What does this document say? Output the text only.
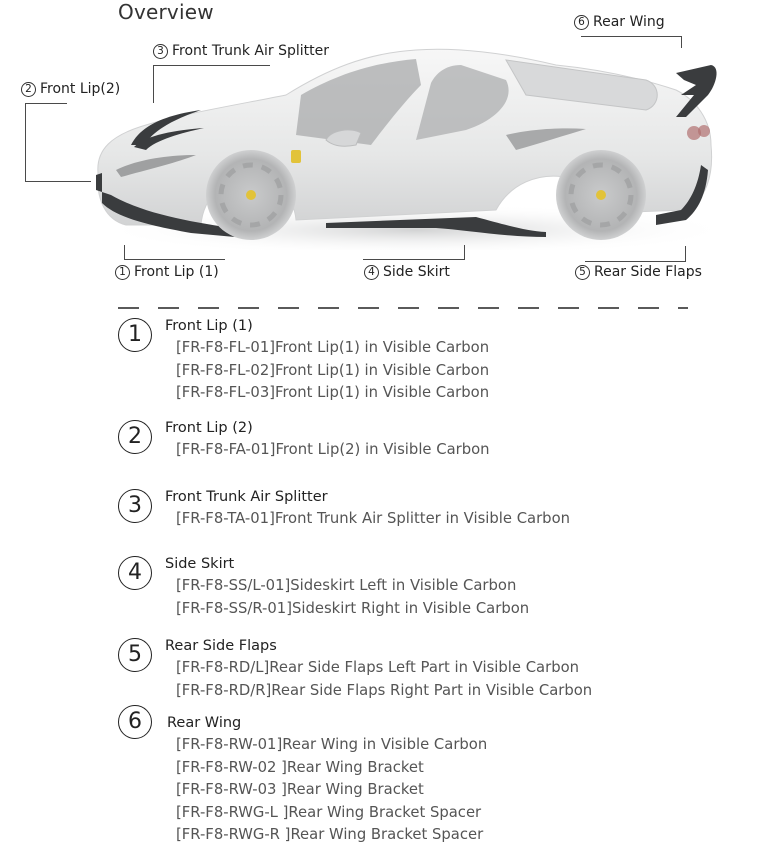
Overview	6 Rear Wing
3 Front Trunk Air Splitter
2 Front Lip(2)
1 Front Lip (1)	4 Side Skirt	5 Rear Side Flaps
1	Front Lip (1)
[FR-F8-FL-01]Front Lip(1) in Visible Carbon
[FR-F8-FL-02]Front Lip(1) in Visible Carbon
[FR-F8-FL-03]Front Lip(1) in Visible Carbon
2	Front Lip (2)
[FR-F8-FA-01]Front Lip(2) in Visible Carbon
3	Front Trunk Air Splitter
[FR-F8-TA-01]Front Trunk Air Splitter in Visible Carbon
4	Side Skirt
[FR-F8-SS/L-01]Sideskirt Left in Visible Carbon
[FR-F8-SS/R-01]Sideskirt Right in Visible Carbon
5	Rear Side Flaps
[FR-F8-RD/L]Rear Side Flaps Left Part in Visible Carbon
[FR-F8-RD/R]Rear Side Flaps Right Part in Visible Carbon
6	Rear Wing
[FR-F8-RW-01]Rear Wing in Visible Carbon
[FR-F8-RW-02 ]Rear Wing Bracket
[FR-F8-RW-03 ]Rear Wing Bracket
[FR-F8-RWG-L ]Rear Wing Bracket Spacer
[FR-F8-RWG-R ]Rear Wing Bracket Spacer
